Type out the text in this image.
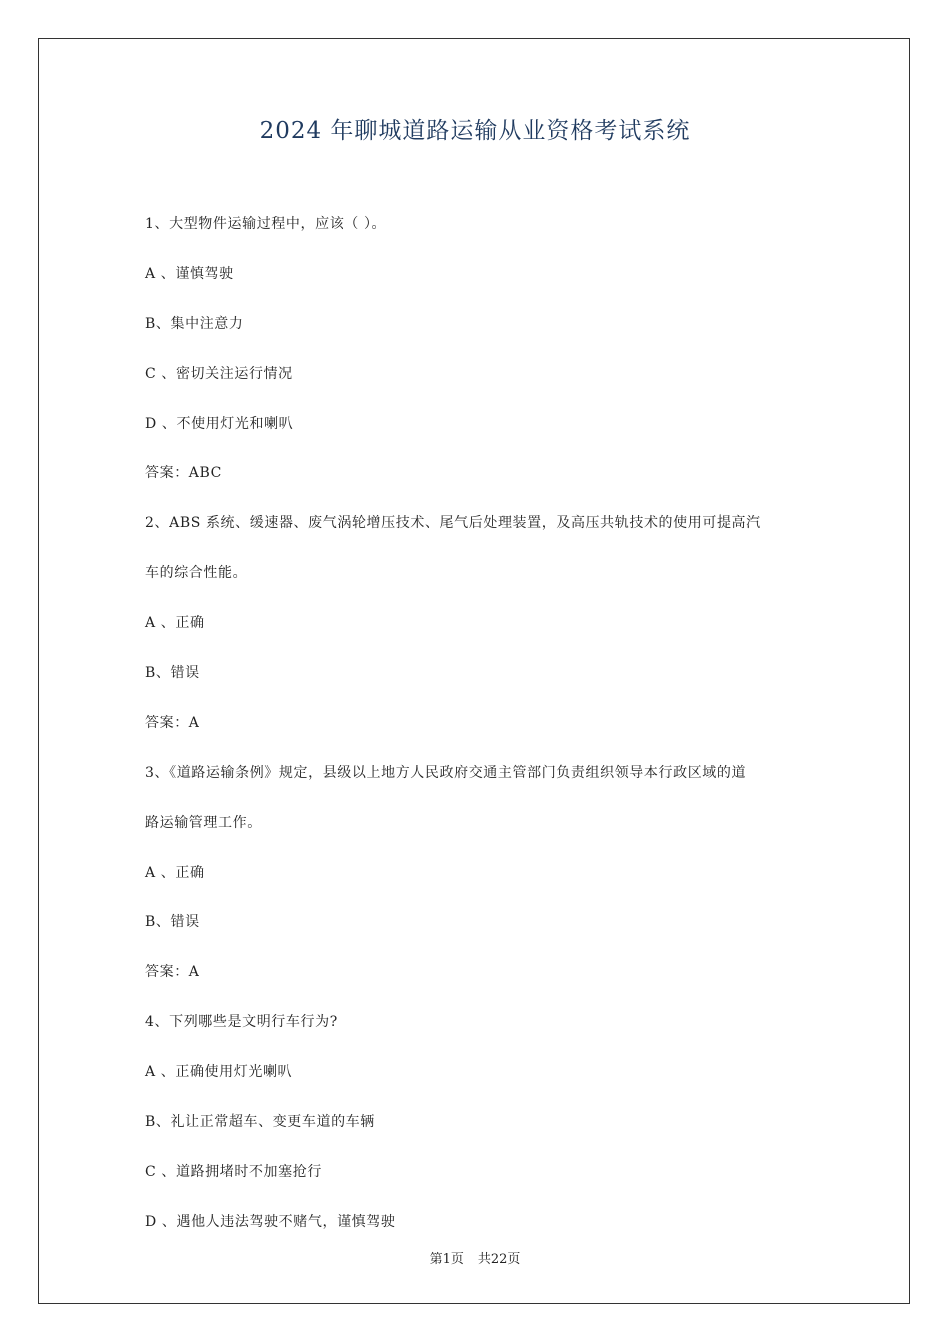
2024 年聊城道路运输从业资格考试系统
1、大型物件运输过程中，应该（ ）。
A 、谨慎驾驶
B、集中注意力
C 、密切关注运行情况
D 、不使用灯光和喇叭
答案：ABC
2、ABS 系统、缓速器、废气涡轮增压技术、尾气后处理装置，及高压共轨技术的使用可提高汽
车的综合性能。
A 、正确
B、错误
答案：A
3、《道路运输条例》规定，县级以上地方人民政府交通主管部门负责组织领导本行政区域的道
路运输管理工作。
A 、正确
B、错误
答案：A
4、下列哪些是文明行车行为?
A 、正确使用灯光喇叭
B、礼让正常超车、变更车道的车辆
C 、道路拥堵时不加塞抢行
D 、遇他人违法驾驶不赌气，谨慎驾驶
第1页 共22页
